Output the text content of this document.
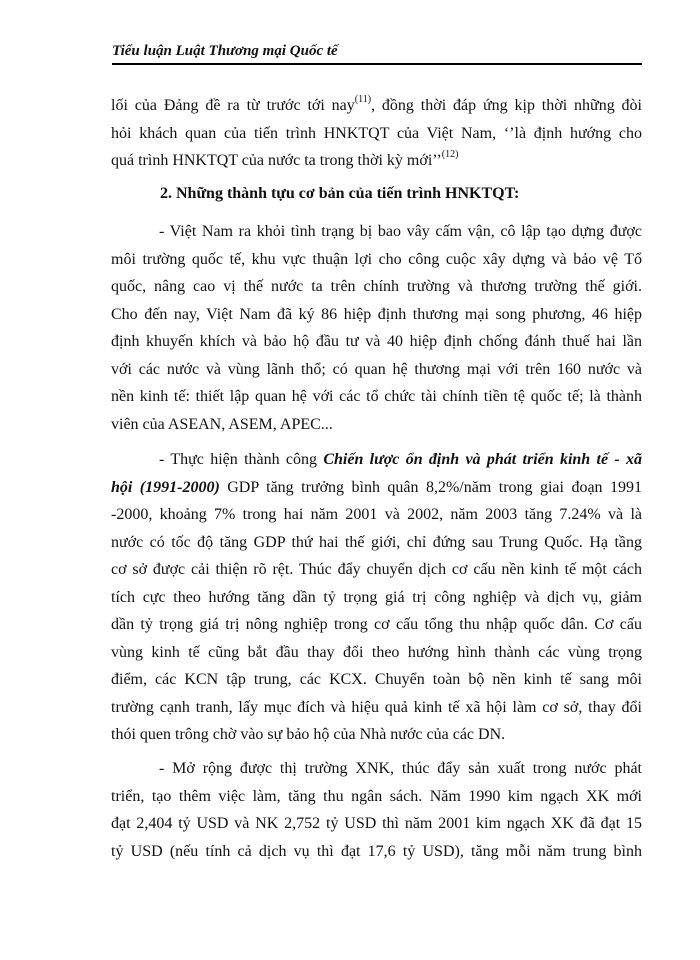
Tiểu luận Luật Thương mại Quốc tế
lối của Đảng đề ra từ trước tới nay$^{(11)}$, đồng thời đáp ứng kịp thời những đòi
hỏi khách quan của tiến trình HNKTQT của Việt Nam, ‘’là định hướng cho
quá trình HNKTQT của nước ta trong thời kỳ mới’’$^{(12)}$
2. Những thành tựu cơ bản của tiến trình HNKTQT:
- Việt Nam ra khỏi tình trạng bị bao vây cấm vận, cô lập tạo dựng được
môi trường quốc tế, khu vực thuận lợi cho công cuộc xây dựng và bảo vệ Tổ
quốc, nâng cao vị thế nước ta trên chính trường và thương trường thế giới.
Cho đến nay, Việt Nam đã ký 86 hiệp định thương mại song phương, 46 hiệp
định khuyến khích và bảo hộ đầu tư và 40 hiệp định chống đánh thuế hai lần
với các nước và vùng lãnh thổ; có quan hệ thương mại với trên 160 nước và
nền kinh tế: thiết lập quan hệ với các tổ chức tài chính tiền tệ quốc tế; là thành
viên của ASEAN, ASEM, APEC...
- Thực hiện thành công Chiến lược ổn định và phát triển kinh tế - xã
hội (1991-2000) GDP tăng trưởng bình quân 8,2%/năm trong giai đoạn 1991
-2000, khoảng 7% trong hai năm 2001 và 2002, năm 2003 tăng 7.24% và là
nước có tốc độ tăng GDP thứ hai thế giới, chỉ đứng sau Trung Quốc. Hạ tầng
cơ sở được cải thiện rõ rệt. Thúc đẩy chuyển dịch cơ cấu nền kinh tế một cách
tích cực theo hướng tăng dần tỷ trọng giá trị công nghiệp và dịch vụ, giảm
dần tỷ trọng giá trị nông nghiệp trong cơ cấu tổng thu nhập quốc dân. Cơ cấu
vùng kinh tế cũng bắt đầu thay đổi theo hướng hình thành các vùng trọng
điểm, các KCN tập trung, các KCX. Chuyển toàn bộ nền kinh tế sang môi
trường cạnh tranh, lấy mục đích và hiệu quả kinh tế xã hội làm cơ sở, thay đổi
thói quen trông chờ vào sự bảo hộ của Nhà nước của các DN.
- Mở rộng được thị trường XNK, thúc đẩy sản xuất trong nước phát
triển, tạo thêm việc làm, tăng thu ngân sách. Năm 1990 kim ngạch XK mới
đạt 2,404 tỷ USD và NK 2,752 tỷ USD thì năm 2001 kim ngạch XK đã đạt 15
tỷ USD (nếu tính cả dịch vụ thì đạt 17,6 tỷ USD), tăng mỗi năm trung bình
